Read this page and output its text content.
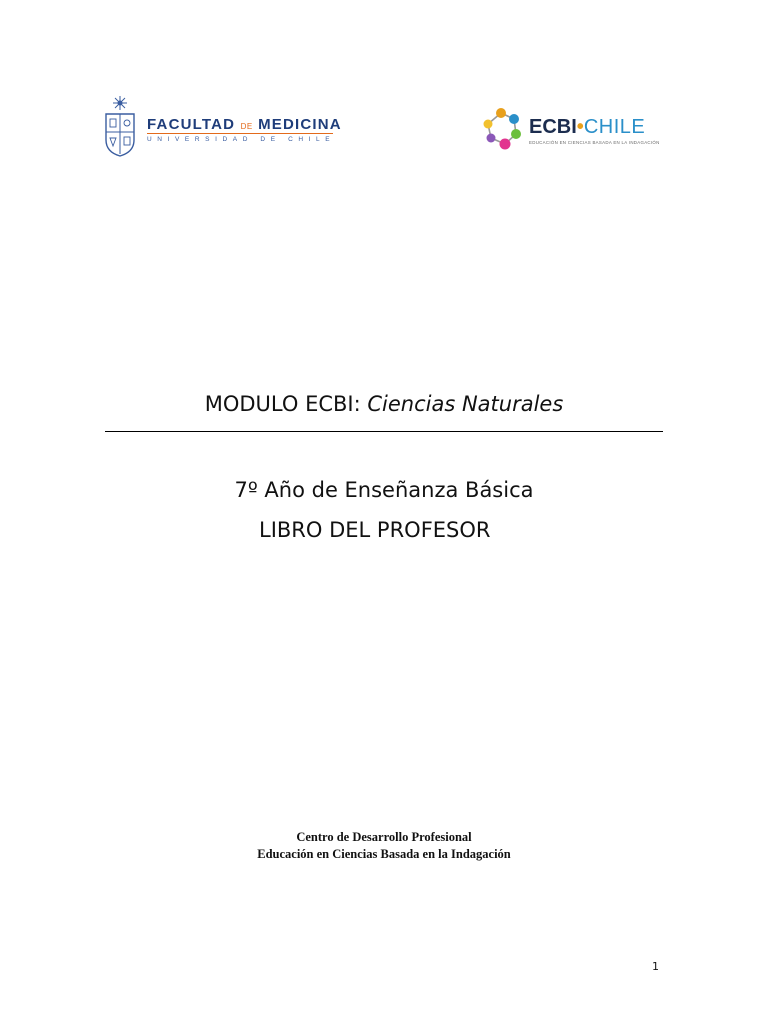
FACULTAD DE MEDICINA
UNIVERSIDAD DE CHILE
ECBI•CHILE
EDUCACIÓN EN CIENCIAS BASADA EN LA INDAGACIÓN
MODULO ECBI: Ciencias Naturales
7º Año de Enseñanza Básica
LIBRO DEL PROFESOR
Centro de Desarrollo Profesional
Educación en Ciencias Basada en la Indagación
1
